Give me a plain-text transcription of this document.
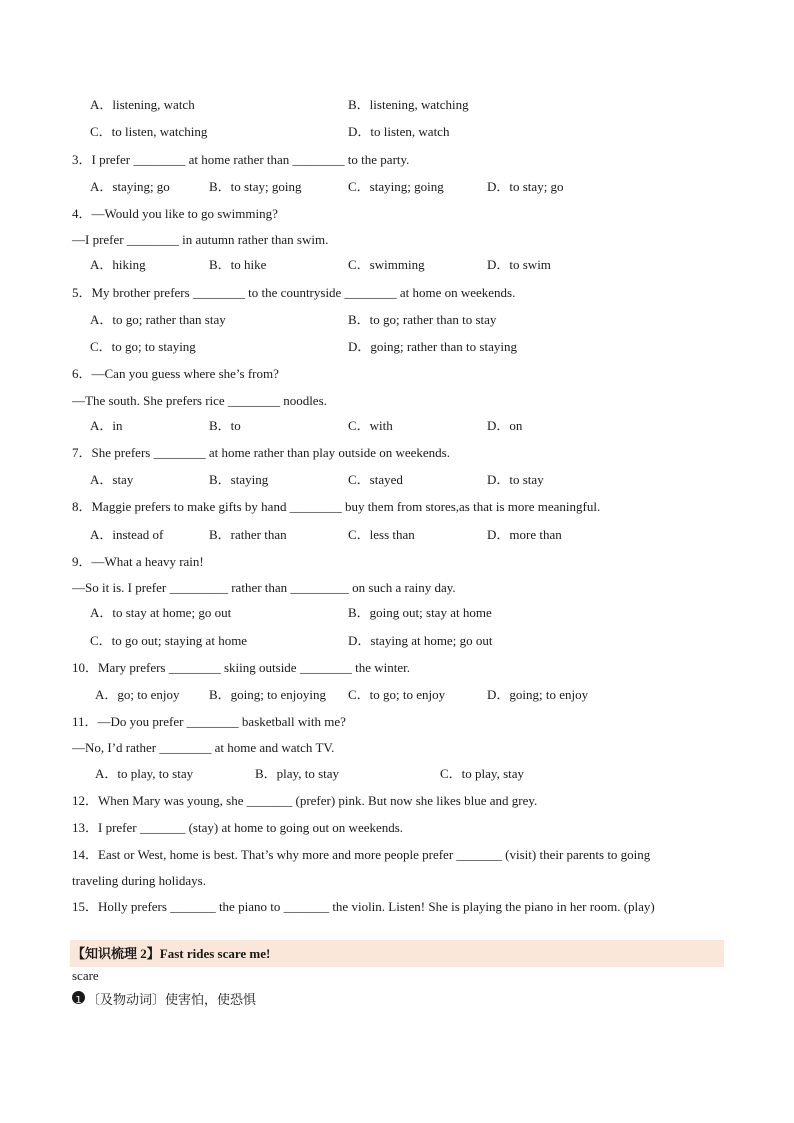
A．listening, watch	B．listening, watching
C．to listen, watching	D．to listen, watch
3．I prefer ________ at home rather than ________ to the party.
A．staying; go	B．to stay; going	C．staying; going	D．to stay; go
4．—Would you like to go swimming?
—I prefer ________ in autumn rather than swim.
A．hiking	B．to hike	C．swimming	D．to swim
5．My brother prefers ________ to the countryside ________ at home on weekends.
A．to go; rather than stay	B．to go; rather than to stay
C．to go; to staying	D．going; rather than to staying
6．—Can you guess where she’s from?
—The south. She prefers rice ________ noodles.
A．in	B．to	C．with	D．on
7．She prefers ________ at home rather than play outside on weekends.
A．stay	B．staying	C．stayed	D．to stay
8．Maggie prefers to make gifts by hand ________ buy them from stores,as that is more meaningful.
A．instead of	B．rather than	C．less than	D．more than
9．—What a heavy rain!
—So it is. I prefer _________ rather than _________ on such a rainy day.
A．to stay at home; go out	B．going out; stay at home
C．to go out; staying at home	D．staying at home; go out
10．Mary prefers ________ skiing outside ________ the winter.
A．go; to enjoy B．going; to enjoying C．to go; to enjoy	D．going; to enjoy
11．—Do you prefer ________ basketball with me?
—No, I’d rather ________ at home and watch TV.
A．to play, to stay	B．play, to stay	C．to play, stay
12．When Mary was young, she _______ (prefer) pink. But now she likes blue and grey.
13．I prefer _______ (stay) at home to going out on weekends.
14．East or West, home is best. That’s why more and more people prefer _______ (visit) their parents to going
traveling during holidays.
15．Holly prefers _______ the piano to _______ the violin. Listen! She is playing the piano in her room. (play)
【知识梳理 2】Fast rides scare me!
scare
1 〔及物动词〕使害怕，使恐惧
